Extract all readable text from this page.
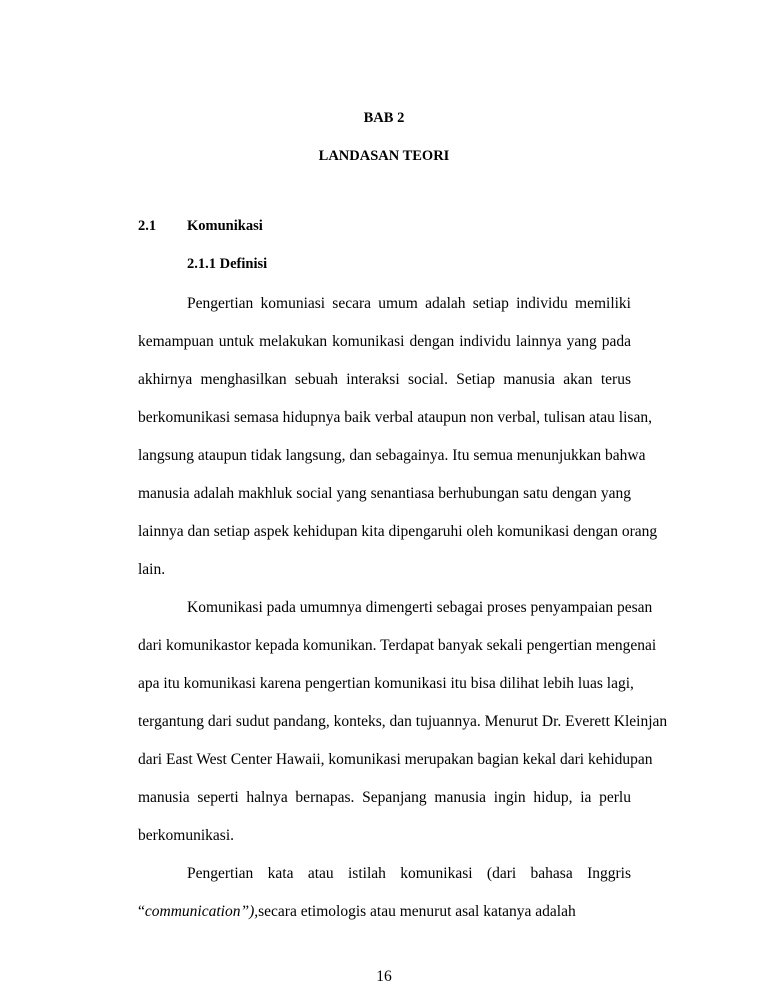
BAB 2
LANDASAN TEORI
2.1 Komunikasi
2.1.1 Definisi
Pengertian komuniasi secara umum adalah setiap individu memiliki
kemampuan untuk melakukan komunikasi dengan individu lainnya yang pada
akhirnya menghasilkan sebuah interaksi social. Setiap manusia akan terus
berkomunikasi semasa hidupnya baik verbal ataupun non verbal, tulisan atau lisan,
langsung ataupun tidak langsung, dan sebagainya. Itu semua menunjukkan bahwa
manusia adalah makhluk social yang senantiasa berhubungan satu dengan yang
lainnya dan setiap aspek kehidupan kita dipengaruhi oleh komunikasi dengan orang
lain.
Komunikasi pada umumnya dimengerti sebagai proses penyampaian pesan
dari komunikastor kepada komunikan. Terdapat banyak sekali pengertian mengenai
apa itu komunikasi karena pengertian komunikasi itu bisa dilihat lebih luas lagi,
tergantung dari sudut pandang, konteks, dan tujuannya. Menurut Dr. Everett Kleinjan
dari East West Center Hawaii, komunikasi merupakan bagian kekal dari kehidupan
manusia seperti halnya bernapas. Sepanjang manusia ingin hidup, ia perlu
berkomunikasi.
Pengertian kata atau istilah komunikasi (dari bahasa Inggris
“communication”),secara etimologis atau menurut asal katanya adalah
16
